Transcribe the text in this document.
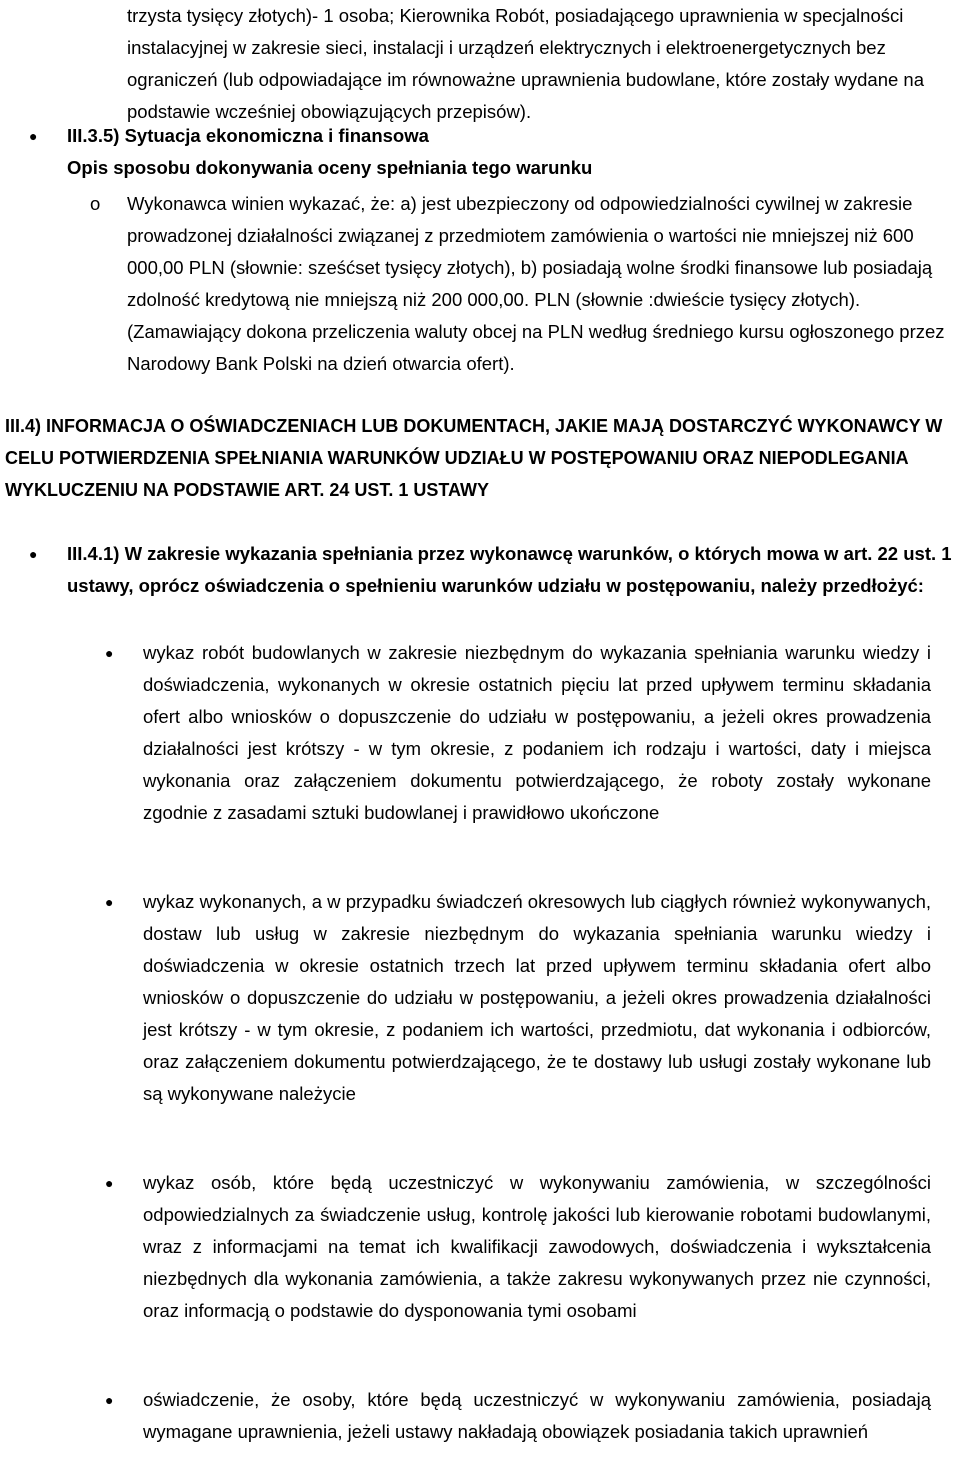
trzysta tysięcy złotych)- 1 osoba; Kierownika Robót, posiadającego uprawnienia w specjalności instalacyjnej w zakresie sieci, instalacji i urządzeń elektrycznych i elektroenergetycznych bez ograniczeń (lub odpowiadające im równoważne uprawnienia budowlane, które zostały wydane na podstawie wcześniej obowiązujących przepisów).
● III.3.5) Sytuacja ekonomiczna i finansowa
Opis sposobu dokonywania oceny spełniania tego warunku
o Wykonawca winien wykazać, że: a) jest ubezpieczony od odpowiedzialności cywilnej w zakresie prowadzonej działalności związanej z przedmiotem zamówienia o wartości nie mniejszej niż 600 000,00 PLN (słownie: sześćset tysięcy złotych), b) posiadają wolne środki finansowe lub posiadają zdolność kredytową nie mniejszą niż 200 000,00. PLN (słownie :dwieście tysięcy złotych). (Zamawiający dokona przeliczenia waluty obcej na PLN według średniego kursu ogłoszonego przez Narodowy Bank Polski na dzień otwarcia ofert).
III.4) INFORMACJA O OŚWIADCZENIACH LUB DOKUMENTACH, JAKIE MAJĄ DOSTARCZYĆ WYKONAWCY W CELU POTWIERDZENIA SPEŁNIANIA WARUNKÓW UDZIAŁU W POSTĘPOWANIU ORAZ NIEPODLEGANIA WYKLUCZENIU NA PODSTAWIE ART. 24 UST. 1 USTAWY
● III.4.1) W zakresie wykazania spełniania przez wykonawcę warunków, o których mowa w art. 22 ust. 1 ustawy, oprócz oświadczenia o spełnieniu warunków udziału w postępowaniu, należy przedłożyć:
● wykaz robót budowlanych w zakresie niezbędnym do wykazania spełniania warunku wiedzy i doświadczenia, wykonanych w okresie ostatnich pięciu lat przed upływem terminu składania ofert albo wniosków o dopuszczenie do udziału w postępowaniu, a jeżeli okres prowadzenia działalności jest krótszy - w tym okresie, z podaniem ich rodzaju i wartości, daty i miejsca wykonania oraz załączeniem dokumentu potwierdzającego, że roboty zostały wykonane zgodnie z zasadami sztuki budowlanej i prawidłowo ukończone
● wykaz wykonanych, a w przypadku świadczeń okresowych lub ciągłych również wykonywanych, dostaw lub usług w zakresie niezbędnym do wykazania spełniania warunku wiedzy i doświadczenia w okresie ostatnich trzech lat przed upływem terminu składania ofert albo wniosków o dopuszczenie do udziału w postępowaniu, a jeżeli okres prowadzenia działalności jest krótszy - w tym okresie, z podaniem ich wartości, przedmiotu, dat wykonania i odbiorców, oraz załączeniem dokumentu potwierdzającego, że te dostawy lub usługi zostały wykonane lub są wykonywane należycie
● wykaz osób, które będą uczestniczyć w wykonywaniu zamówienia, w szczególności odpowiedzialnych za świadczenie usług, kontrolę jakości lub kierowanie robotami budowlanymi, wraz z informacjami na temat ich kwalifikacji zawodowych, doświadczenia i wykształcenia niezbędnych dla wykonania zamówienia, a także zakresu wykonywanych przez nie czynności, oraz informacją o podstawie do dysponowania tymi osobami
● oświadczenie, że osoby, które będą uczestniczyć w wykonywaniu zamówienia, posiadają wymagane uprawnienia, jeżeli ustawy nakładają obowiązek posiadania takich uprawnień
